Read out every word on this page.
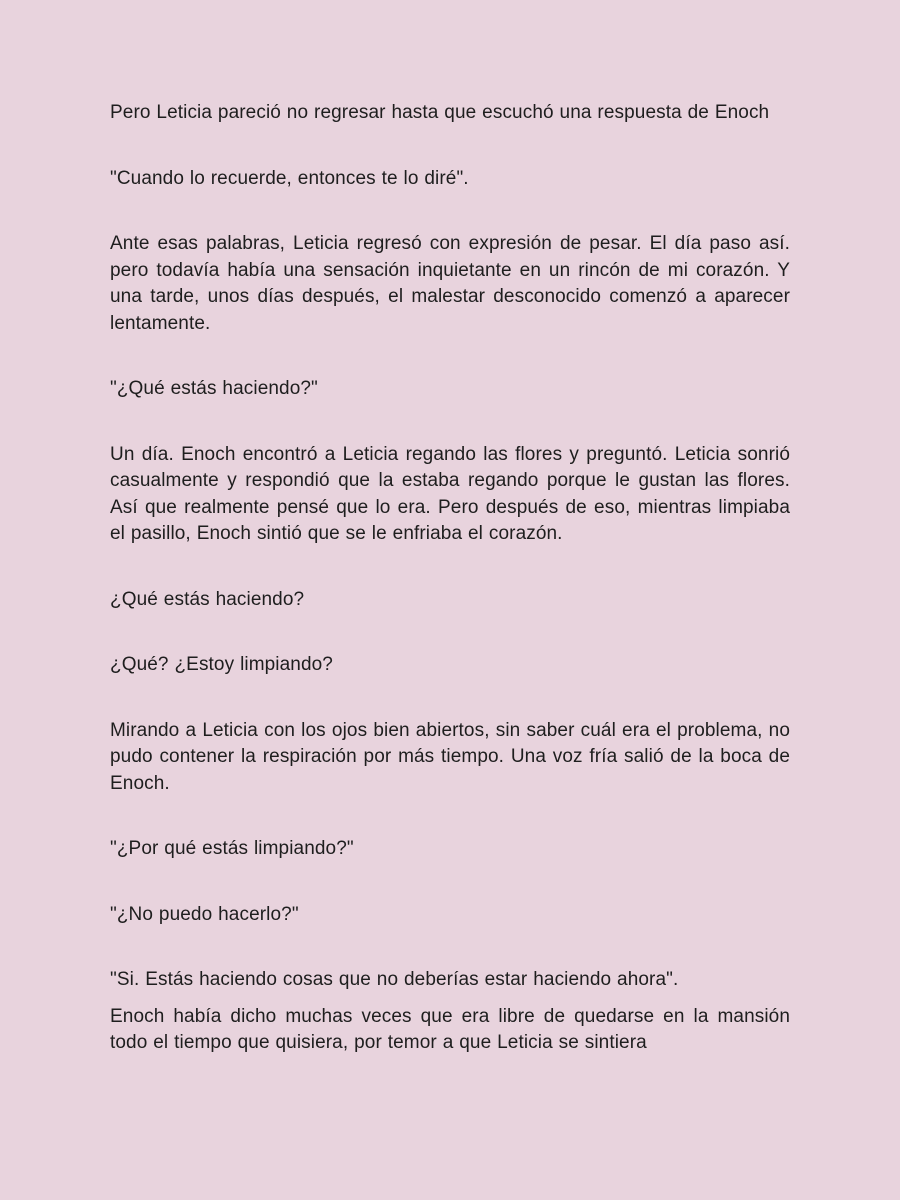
Pero Leticia pareció no regresar hasta que escuchó una respuesta de Enoch

"Cuando lo recuerde, entonces te lo diré".

Ante esas palabras, Leticia regresó con expresión de pesar. El día paso así. pero todavía había una sensación inquietante en un rincón de mi corazón. Y una tarde, unos días después, el malestar desconocido comenzó a aparecer lentamente.

"¿Qué estás haciendo?"

Un día. Enoch encontró a Leticia regando las flores y preguntó. Leticia sonrió casualmente y respondió que la estaba regando porque le gustan las flores. Así que realmente pensé que lo era. Pero después de eso, mientras limpiaba el pasillo, Enoch sintió que se le enfriaba el corazón.

¿Qué estás haciendo?

¿Qué? ¿Estoy limpiando?

Mirando a Leticia con los ojos bien abiertos, sin saber cuál era el problema, no pudo contener la respiración por más tiempo. Una voz fría salió de la boca de Enoch.

"¿Por qué estás limpiando?"

"¿No puedo hacerlo?"

"Si. Estás haciendo cosas que no deberías estar haciendo ahora".

Enoch había dicho muchas veces que era libre de quedarse en la mansión todo el tiempo que quisiera, por temor a que Leticia se sintiera
